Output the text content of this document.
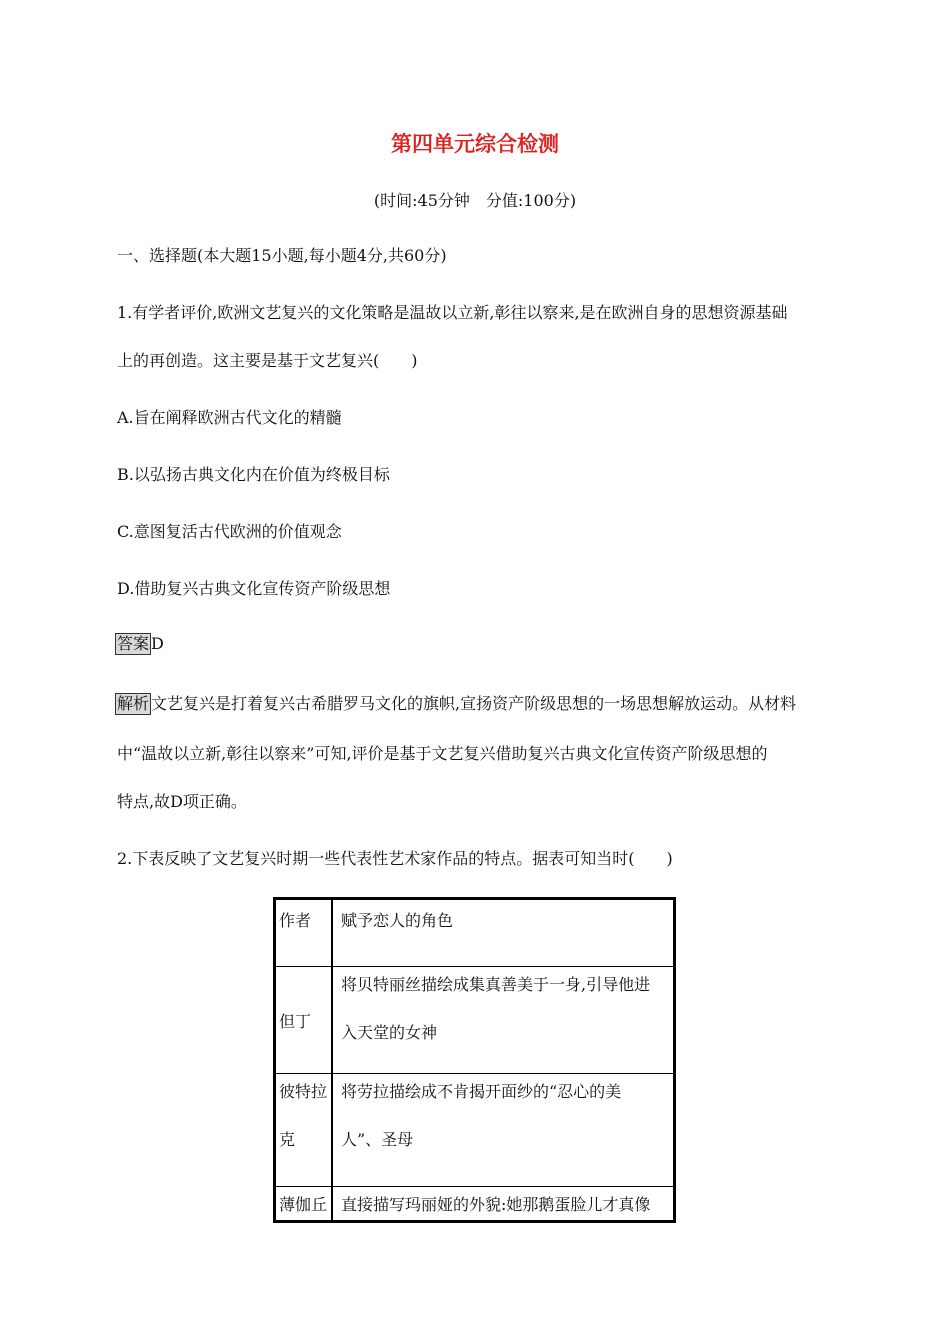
第四单元综合检测
(时间:45分钟　分值:100分)
一、选择题(本大题15小题,每小题4分,共60分)
1.有学者评价,欧洲文艺复兴的文化策略是温故以立新,彰往以察来,是在欧洲自身的思想资源基础
上的再创造。这主要是基于文艺复兴(　　)
A.旨在阐释欧洲古代文化的精髓
B.以弘扬古典文化内在价值为终极目标
C.意图复活古代欧洲的价值观念
D.借助复兴古典文化宣传资产阶级思想
答案 D
解析 文艺复兴是打着复兴古希腊罗马文化的旗帜,宣扬资产阶级思想的一场思想解放运动。从材料
中“温故以立新,彰往以察来”可知,评价是基于文艺复兴借助复兴古典文化宣传资产阶级思想的
特点,故D项正确。
2.下表反映了文艺复兴时期一些代表性艺术家作品的特点。据表可知当时(　　)
作者	赋予恋人的角色

但丁	将贝特丽丝描绘成集真善美于一身,引导他进
入天堂的女神

彼特拉
克	将劳拉描绘成不肯揭开面纱的“忍心的美
人”、圣母

薄伽丘	直接描写玛丽娅的外貌:她那鹅蛋脸儿才真像
